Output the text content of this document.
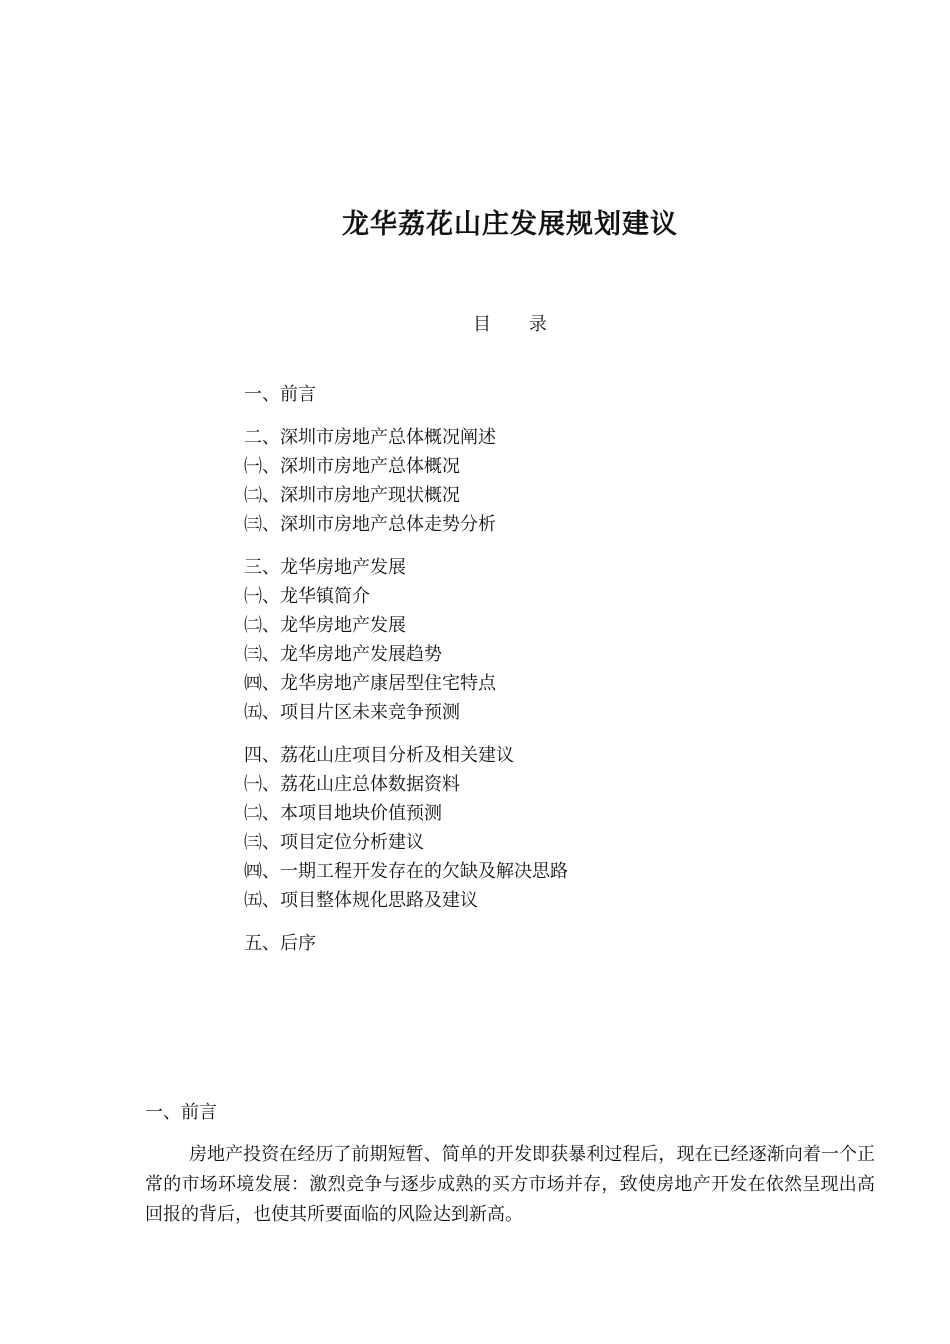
龙华荔花山庄发展规划建议
目 录
一、前言
二、深圳市房地产总体概况阐述
㈠、深圳市房地产总体概况
㈡、深圳市房地产现状概况
㈢、深圳市房地产总体走势分析
三、龙华房地产发展
㈠、龙华镇简介
㈡、龙华房地产发展
㈢、龙华房地产发展趋势
㈣、龙华房地产康居型住宅特点
㈤、项目片区未来竞争预测
四、荔花山庄项目分析及相关建议
㈠、荔花山庄总体数据资料
㈡、本项目地块价值预测
㈢、项目定位分析建议
㈣、一期工程开发存在的欠缺及解决思路
㈤、项目整体规化思路及建议
五、后序
一、前言
房地产投资在经历了前期短暂、简单的开发即获暴利过程后，现在已经逐渐向着一个正常的市场环境发展：激烈竞争与逐步成熟的买方市场并存，致使房地产开发在依然呈现出高回报的背后，也使其所要面临的风险达到新高。
